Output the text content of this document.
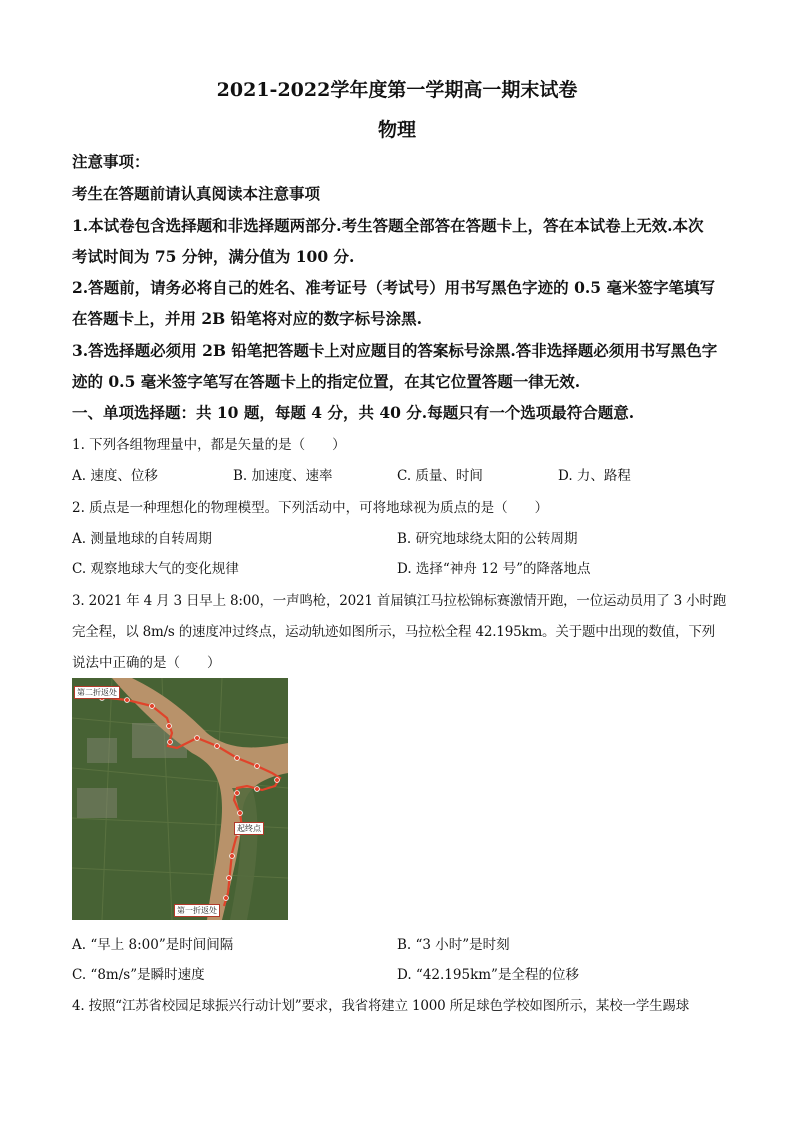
2021-2022学年度第一学期高一期末试卷
物理
注意事项：
考生在答题前请认真阅读本注意事项
1.本试卷包含选择题和非选择题两部分.考生答题全部答在答题卡上，答在本试卷上无效.本次
考试时间为 75 分钟，满分值为 100 分.
2.答题前，请务必将自己的姓名、准考证号（考试号）用书写黑色字迹的 0.5 毫米签字笔填写
在答题卡上，并用 2B 铅笔将对应的数字标号涂黑.
3.答选择题必须用 2B 铅笔把答题卡上对应题目的答案标号涂黑.答非选择题必须用书写黑色字
迹的 0.5 毫米签字笔写在答题卡上的指定位置，在其它位置答题一律无效.
一、单项选择题：共 10 题，每题 4 分，共 40 分.每题只有一个选项最符合题意.
1. 下列各组物理量中，都是矢量的是（　　）
A. 速度、位移	B. 加速度、速率	C. 质量、时间	D. 力、路程
2. 质点是一种理想化的物理模型。下列活动中，可将地球视为质点的是（　　）
A. 测量地球的自转周期	B. 研究地球绕太阳的公转周期
C. 观察地球大气的变化规律	D. 选择“神舟 12 号”的降落地点
3. 2021 年 4 月 3 日早上 8:00，一声鸣枪，2021 首届镇江马拉松锦标赛激情开跑，一位运动员用了 3 小时跑
完全程，以 8m/s 的速度冲过终点，运动轨迹如图所示，马拉松全程 42.195km。关于题中出现的数值，下列
说法中正确的是（　　）
第二折返处
起终点
第一折返处
A. “早上 8:00”是时间间隔	B. “3 小时”是时刻
C. “8m/s”是瞬时速度	D. “42.195km”是全程的位移
4. 按照“江苏省校园足球振兴行动计划”要求，我省将建立 1000 所足球色学校如图所示，某校一学生踢球
